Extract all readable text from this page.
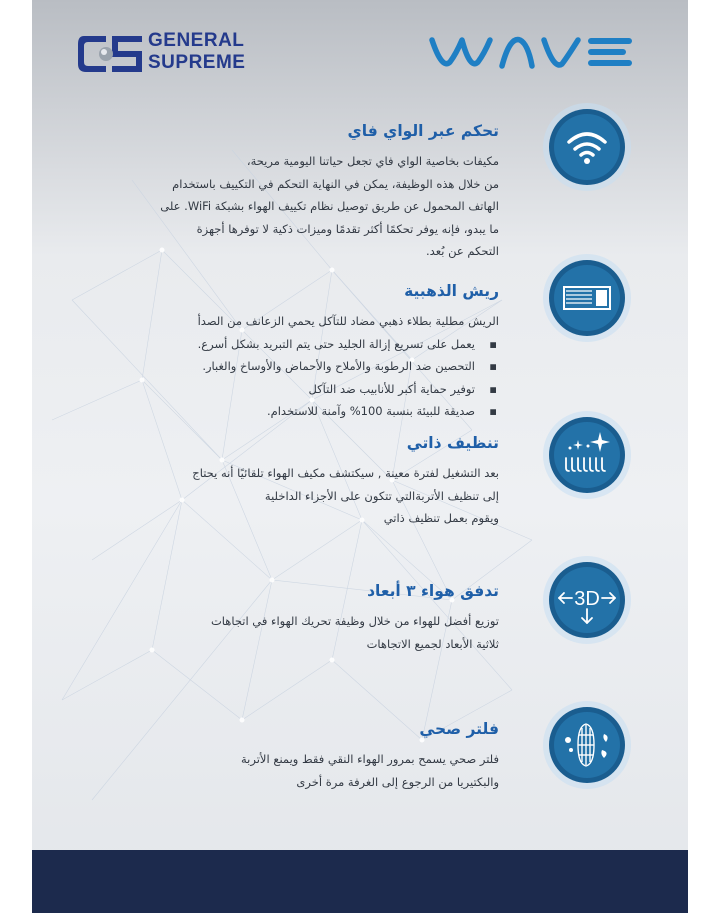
GENERAL
SUPREME
تحكم عبر الواي فاي

مكيفات بخاصية الواي فاي تجعل حياتنا اليومية مريحة،
من خلال هذه الوظيفة، يمكن في النهاية التحكم في التكييف باستخدام
الهاتف المحمول عن طريق توصيل نظام تكييف الهواء بشبكة WiFi. على
ما يبدو، فإنه يوفر تحكمًا أكثر تقدمًا وميزات ذكية لا توفرها أجهزة
التحكم عن بُعد.

ريش الذهبية

الريش مطلية بطلاء ذهبي مضاد للتآكل يحمي الزعانف من الصدأ

▪
يعمل على تسريع إزالة الجليد حتى يتم التبريد بشكل أسرع.
▪
التحصين ضد الرطوبة والأملاح والأحماض والأوساخ والغبار.
▪
توفير حماية أكبر للأنابيب ضد التآكل
▪
صديقة للبيئة بنسبة 100% وآمنة للاستخدام.
تنظيف ذاتي

بعد التشغيل لفترة معينة , سيكتشف مكيف الهواء تلقائيًا أنه يحتاج
إلى تنظيف الأتربةالتي تتكون على الأجزاء الداخلية
ويقوم بعمل تنظيف ذاتي

تدفق هواء ٣ أبعاد

توزيع أفضل للهواء من خلال وظيفة تحريك الهواء في اتجاهات
ثلاثية الأبعاد لجميع الاتجاهات

فلتر صحي

فلتر صحي يسمح بمرور الهواء النقي فقط ويمنع الأتربة
والبكتيريا من الرجوع إلى الغرفة مرة أخرى

3D
